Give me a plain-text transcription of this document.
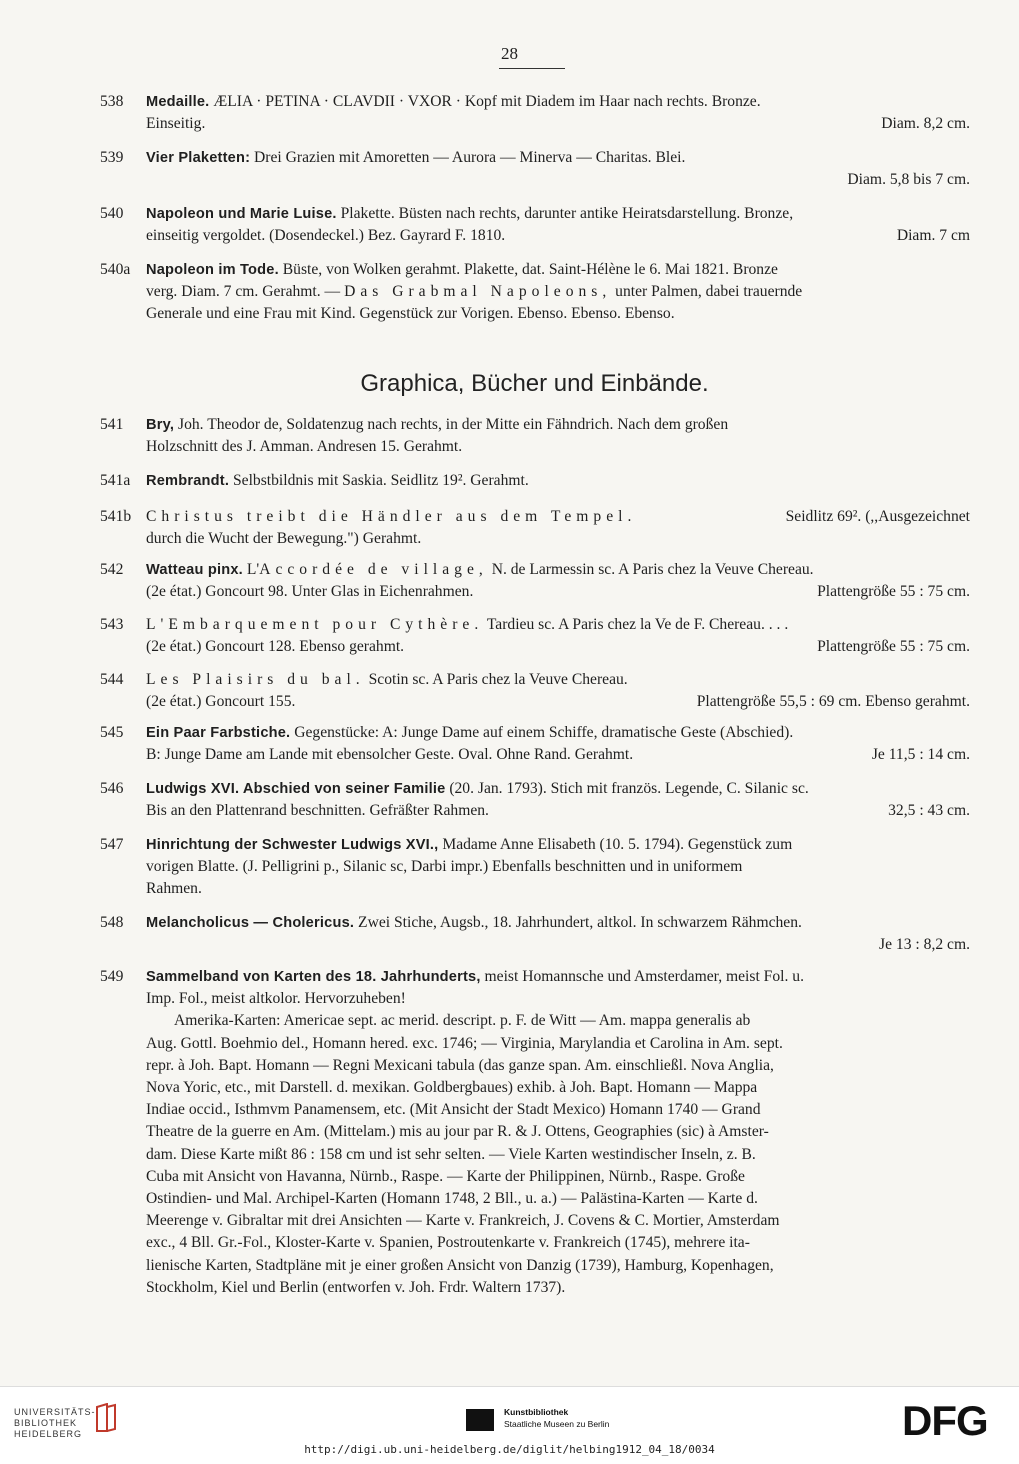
28
538	Medaille. ÆLIA · PETINA · CLAVDII · VXOR · Kopf mit Diadem im Haar nach rechts. Bronze.
Einseitig.	Diam. 8,2 cm.
539	Vier Plaketten: Drei Grazien mit Amoretten — Aurora — Minerva — Charitas. Blei.
Diam. 5,8 bis 7 cm.
540	Napoleon und Marie Luise. Plakette. Büsten nach rechts, darunter antike Heiratsdarstellung. Bronze,
einseitig vergoldet. (Dosendeckel.) Bez. Gayrard F. 1810.	Diam. 7 cm
540a	Napoleon im Tode. Büste, von Wolken gerahmt. Plakette, dat. Saint-Hélène le 6. Mai 1821. Bronze
verg. Diam. 7 cm. Gerahmt. — Das Grabmal Napoleons, unter Palmen, dabei trauernde
Generale und eine Frau mit Kind. Gegenstück zur Vorigen. Ebenso. Ebenso. Ebenso.
Graphica, Bücher und Einbände.
541	Bry, Joh. Theodor de, Soldatenzug nach rechts, in der Mitte ein Fähndrich. Nach dem großen
Holzschnitt des J. Amman. Andresen 15. Gerahmt.
541a	Rembrandt. Selbstbildnis mit Saskia. Seidlitz 19². Gerahmt.
541b Christus treibt die Händler aus dem Tempel.	Seidlitz 69². (,,Ausgezeichnet
durch die Wucht der Bewegung.") Gerahmt.
542	Watteau pinx. L'Accordée de village, N. de Larmessin sc. A Paris chez la Veuve Chereau.
(2e état.) Goncourt 98. Unter Glas in Eichenrahmen.	Plattengröße 55 : 75 cm.
543	L'Embarquement pour Cythère. Tardieu sc. A Paris chez la Ve de F. Chereau. . . .
(2e état.) Goncourt 128. Ebenso gerahmt.	Plattengröße 55 : 75 cm.
544	Les Plaisirs du bal. Scotin sc. A Paris chez la Veuve Chereau.
(2e état.) Goncourt 155.	Plattengröße 55,5 : 69 cm. Ebenso gerahmt.
545	Ein Paar Farbstiche. Gegenstücke: A: Junge Dame auf einem Schiffe, dramatische Geste (Abschied).
B: Junge Dame am Lande mit ebensolcher Geste. Oval. Ohne Rand. Gerahmt.	Je 11,5 : 14 cm.
546	Ludwigs XVI. Abschied von seiner Familie (20. Jan. 1793). Stich mit französ. Legende, C. Silanic sc.
Bis an den Plattenrand beschnitten. Gefräßter Rahmen.	32,5 : 43 cm.
547	Hinrichtung der Schwester Ludwigs XVI., Madame Anne Elisabeth (10. 5. 1794). Gegenstück zum
vorigen Blatte. (J. Pelligrini p., Silanic sc, Darbi impr.) Ebenfalls beschnitten und in uniformem
Rahmen.
548	Melancholicus — Cholericus. Zwei Stiche, Augsb., 18. Jahrhundert, altkol. In schwarzem Rähmchen.
Je 13 : 8,2 cm.
549	Sammelband von Karten des 18. Jahrhunderts, meist Homannsche und Amsterdamer, meist Fol. u.
Imp. Fol., meist altkolor. Hervorzuheben!
Amerika-Karten: Americae sept. ac merid. descript. p. F. de Witt — Am. mappa generalis ab
Aug. Gottl. Boehmio del., Homann hered. exc. 1746; — Virginia, Marylandia et Carolina in Am. sept.
repr. à Joh. Bapt. Homann — Regni Mexicani tabula (das ganze span. Am. einschließl. Nova Anglia,
Nova Yoric, etc., mit Darstell. d. mexikan. Goldbergbaues) exhib. à Joh. Bapt. Homann — Mappa
Indiae occid., Isthmvm Panamensem, etc. (Mit Ansicht der Stadt Mexico) Homann 1740 — Grand
Theatre de la guerre en Am. (Mittelam.) mis au jour par R. & J. Ottens, Geographies (sic) à Amster-
dam. Diese Karte mißt 86 : 158 cm und ist sehr selten. — Viele Karten westindischer Inseln, z. B.
Cuba mit Ansicht von Havanna, Nürnb., Raspe. — Karte der Philippinen, Nürnb., Raspe. Große
Ostindien- und Mal. Archipel-Karten (Homann 1748, 2 Bll., u. a.) — Palästina-Karten — Karte d.
Meerenge v. Gibraltar mit drei Ansichten — Karte v. Frankreich, J. Covens & C. Mortier, Amsterdam
exc., 4 Bll. Gr.-Fol., Kloster-Karte v. Spanien, Postroutenkarte v. Frankreich (1745), mehrere ita-
lienische Karten, Stadtpläne mit je einer großen Ansicht von Danzig (1739), Hamburg, Kopenhagen,
Stockholm, Kiel und Berlin (entworfen v. Joh. Frdr. Waltern 1737).
UNIVERSITÄTS-
BIBLIOTHEK
HEIDELBERG
Kunstbibliothek
Staatliche Museen zu Berlin	DFG
http://digi.ub.uni-heidelberg.de/diglit/helbing1912_04_18/0034
